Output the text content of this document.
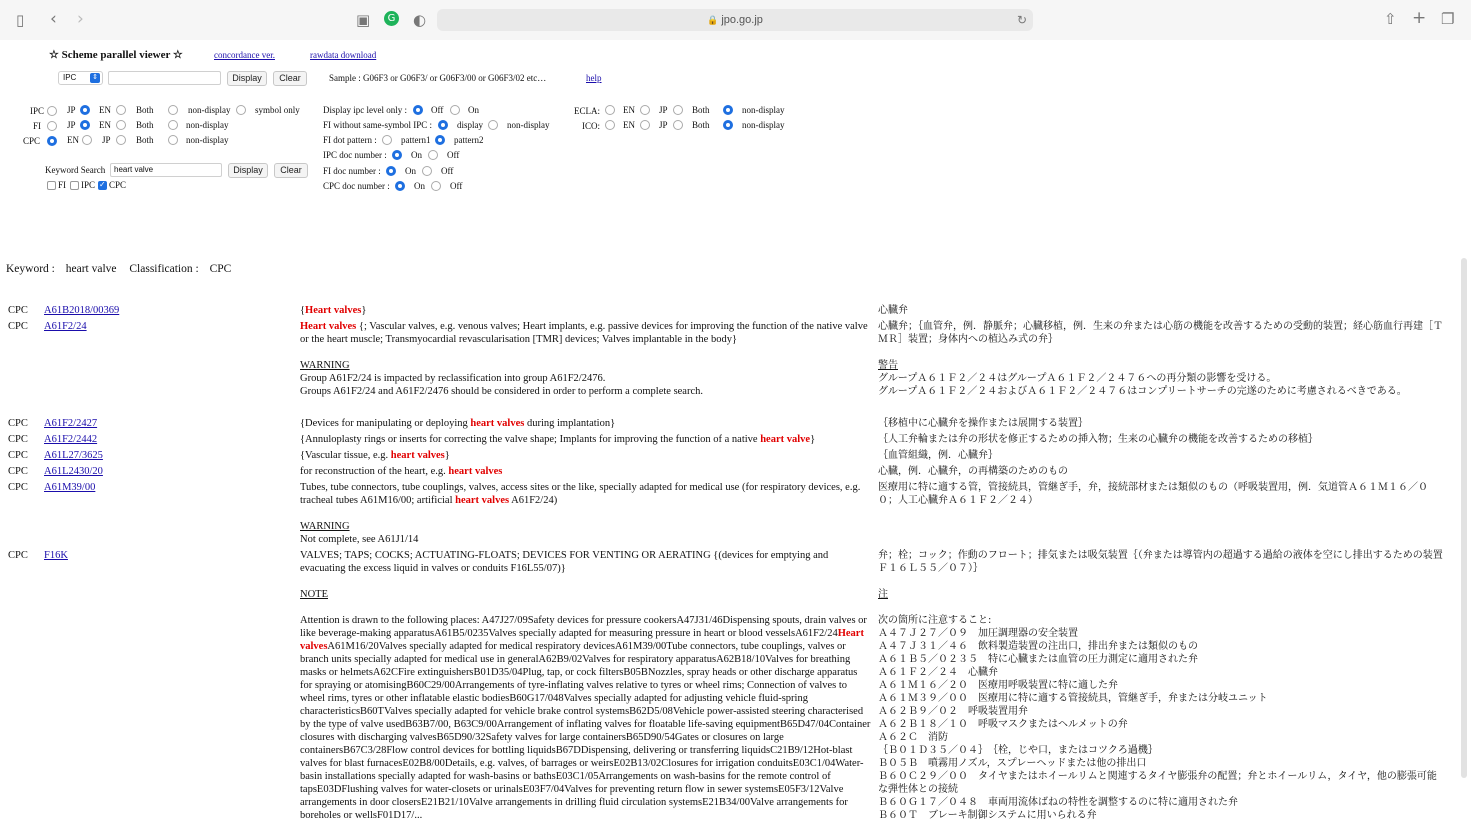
▯ ‹ ›	▣	G ◐	🔒 jpo.go.jp	↻	⇧ + ❐
☆ Scheme parallel viewer ☆	concordance ver.	rawdata download
IPC ⇕	Display	Clear	Sample : G06F3 or G06F3/ or G06F3/00 or G06F3/02 etc…	help
IPC	JP	EN	Both	non-display	symbol only
FI	JP	EN	Both	non-display
CPC	EN	JP	Both	non-display
Keyword Search	heart valve	Display	Clear
FI IPC
✓ CPC
Display ipc level only :	Off	On
FI without same-symbol IPC :	display	non-display
FI dot pattern :	pattern1	pattern2
IPC doc number :	On	Off
FI doc number :	On	Off
CPC doc number :	On	Off
ECLA:	EN	JP	Both	non-display
ICO:	EN	JP	Both	non-display
Keyword : heart valve Classification : CPC
CPC A61B2018/00369	{Heart valves}	心臓弁
CPC A61F2/24	Heart valves {; Vascular valves, e.g. venous valves; Heart implants, e.g. passive devices for improving the function of the native valve or the heart muscle; Transmyocardial revascularisation [TMR] devices; Valves implantable in the body}

WARNING
Group A61F2/24 is impacted by reclassification into group A61F2/2476.
Groups A61F2/24 and A61F2/2476 should be considered in order to perform a complete search.
心臓弁；｛血管弁，例．静脈弁；心臓移植，例．生来の弁または心筋の機能を改善するための受動的装置；経心筋血行再建［ＴＭＲ］装置；身体内への植込み式の弁｝

警告
グループＡ６１Ｆ２／２４はグループＡ６１Ｆ２／２４７６への再分類の影響を受ける。
グループＡ６１Ｆ２／２４およびＡ６１Ｆ２／２４７６はコンプリートサーチの完遂のために考慮されるべきである。
CPC A61F2/2427	{Devices for manipulating or deploying heart valves during implantation}	｛移植中に心臓弁を操作または展開する装置｝
CPC A61F2/2442	{Annuloplasty rings or inserts for correcting the valve shape; Implants for improving the function of a native heart valve}	｛人工弁輪または弁の形状を修正するための挿入物；生来の心臓弁の機能を改善するための移植｝
CPC A61L27/3625	{Vascular tissue, e.g. heart valves}	｛血管組織，例．心臓弁｝
CPC A61L2430/20	for reconstruction of the heart, e.g. heart valves	心臓，例．心臓弁，の再構築のためのもの
CPC A61M39/00	Tubes, tube connectors, tube couplings, valves, access sites or the like, specially adapted for medical use (for respiratory devices, e.g. tracheal tubes A61M16/00; artificial heart valves A61F2/24)

WARNING
Not complete, see A61J1/14
医療用に特に適する管，管接続具，管継ぎ手，弁，接続部材または類似のもの（呼吸装置用，例．気道管Ａ６１Ｍ１６／００；人工心臓弁Ａ６１Ｆ２／２４）
CPC F16K	VALVES; TAPS; COCKS; ACTUATING-FLOATS; DEVICES FOR VENTING OR AERATING {(devices for emptying and evacuating the excess liquid in valves or conduits F16L55/07)}

NOTE

Attention is drawn to the following places: A47J27/09Safety devices for pressure cookersA47J31/46Dispensing spouts, drain valves or like beverage-making apparatusA61B5/0235Valves specially adapted for measuring pressure in heart or blood vesselsA61F2/24Heart valvesA61M16/20Valves specially adapted for medical respiratory devicesA61M39/00Tube connectors, tube couplings, valves or branch units specially adapted for medical use in generalA62B9/02Valves for respiratory apparatusA62B18/10Valves for breathing masks or helmetsA62CFire extinguishersB01D35/04Plug, tap, or cock filtersB05BNozzles, spray heads or other discharge apparatus for spraying or atomisingB60C29/00Arrangements of tyre-inflating valves relative to tyres or wheel rims; Connection of valves to wheel rims, tyres or other inflatable elastic bodiesB60G17/048Valves specially adapted for adjusting vehicle fluid-spring characteristicsB60TValves specially adapted for vehicle brake control systemsB62D5/08Vehicle power-assisted steering characterised by the type of valve usedB63B7/00, B63C9/00Arrangement of inflating valves for floatable life-saving equipmentB65D47/04Container closures with discharging valvesB65D90/32Safety valves for large containersB65D90/54Gates or closures on large containersB67C3/28Flow control devices for bottling liquidsB67DDispensing, delivering or transferring liquidsC21B9/12Hot-blast valves for blast furnacesE02B8/00Details, e.g. valves, of barrages or weirsE02B13/02Closures for irrigation conduitsE03C1/04Water-basin installations specially adapted for wash-basins or bathsE03C1/05Arrangements on wash-basins for the remote control of tapsE03DFlushing valves for water-closets or urinalsE03F7/04Valves for preventing return flow in sewer systemsE05F3/12Valve arrangements in door closersE21B21/10Valve arrangements in drilling fluid circulation systemsE21B34/00Valve arrangements for boreholes or wellsF01D17/...
弁；栓；コック；作動のフロート；排気または吸気装置｛（弁または導管内の超過する過給の液体を空にし排出するための装置Ｆ１６Ｌ５５／０７）｝

注

次の箇所に注意すること:
Ａ４７Ｊ２７／０９　加圧調理器の安全装置
Ａ４７Ｊ３１／４６　飲料製造装置の注出口，排出弁または類似のもの
Ａ６１Ｂ５／０２３５　特に心臓または血管の圧力測定に適用された弁
Ａ６１Ｆ２／２４　心臓弁
Ａ６１Ｍ１６／２０　医療用呼吸装置に特に適した弁
Ａ６１Ｍ３９／００　医療用に特に適する管接続具，管継ぎ手，弁または分岐ユニット
Ａ６２Ｂ９／０２　呼吸装置用弁
Ａ６２Ｂ１８／１０　呼吸マスクまたはヘルメットの弁
Ａ６２Ｃ　消防
｛Ｂ０１Ｄ３５／０４｝　｛栓，じや口，またはコツクろ過機｝
Ｂ０５Ｂ　噴霧用ノズル，スプレーヘッドまたは他の排出口
Ｂ６０Ｃ２９／００　タイヤまたはホイールリムと関連するタイヤ膨張弁の配置；弁とホイールリム，タイヤ，他の膨張可能な弾性体との接続
Ｂ６０Ｇ１７／０４８　車両用流体ばねの特性を調整するのに特に適用された弁
Ｂ６０Ｔ　ブレーキ制御システムに用いられる弁
